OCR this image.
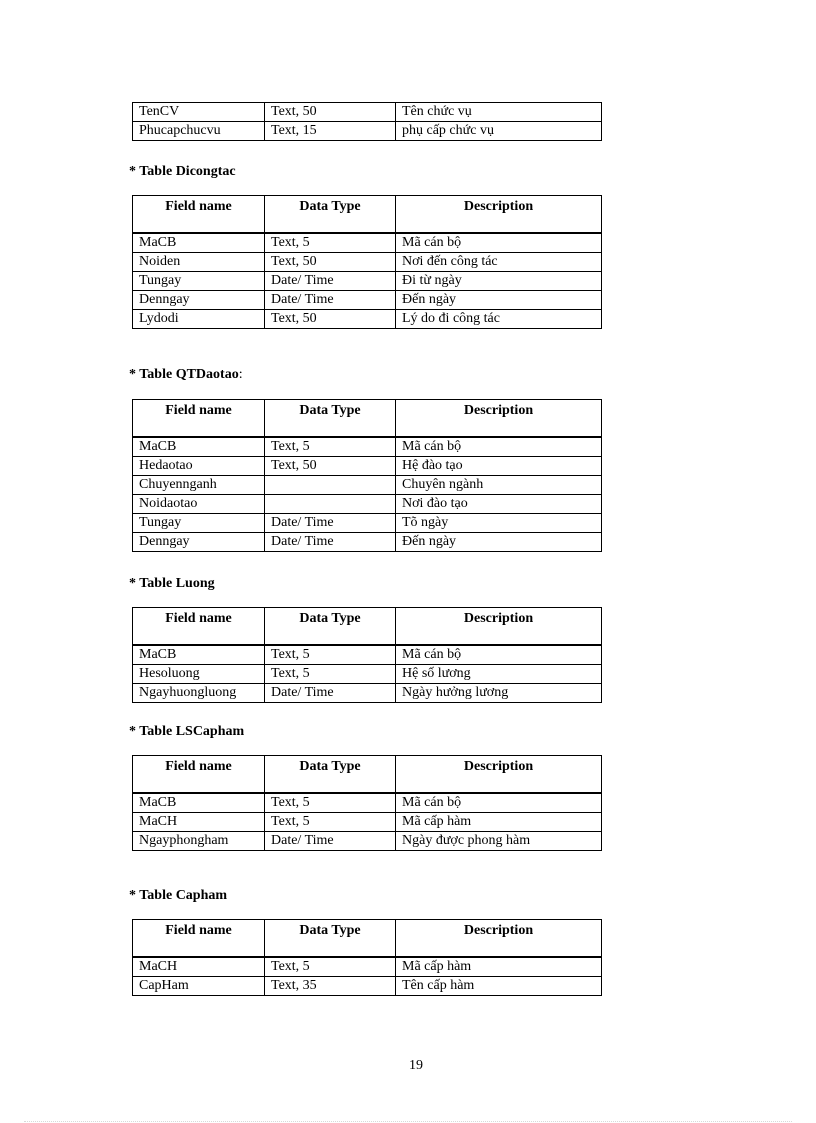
TenCV	Text, 50	Tên chức vụ
Phucapchucvu	Text, 15	phụ cấp chức vụ
* Table Dicongtac
Field name	Data Type	Description
MaCB	Text, 5	Mã cán bộ
Noiden	Text, 50	Nơi đến công tác
Tungay	Date/ Time	Đi từ ngày
Denngay	Date/ Time	Đến ngày
Lydodi	Text, 50	Lý do đi công tác
* Table QTDaotao:
Field name	Data Type	Description
MaCB	Text, 5	Mã cán bộ
Hedaotao	Text, 50	Hệ đào tạo
Chuyennganh		Chuyên ngành
Noidaotao		Nơi đào tạo
Tungay	Date/ Time	Tõ ngày
Denngay	Date/ Time	Đến ngày
* Table Luong
Field name	Data Type	Description
MaCB	Text, 5	Mã cán bộ
Hesoluong	Text, 5	Hệ số lương
Ngayhuongluong	Date/ Time	Ngày hưởng lương
* Table LSCapham
Field name	Data Type	Description
MaCB	Text, 5	Mã cán bộ
MaCH	Text, 5	Mã cấp hàm
Ngayphongham	Date/ Time	Ngày được phong hàm
* Table Capham
Field name	Data Type	Description
MaCH	Text, 5	Mã cấp hàm
CapHam	Text, 35	Tên cấp hàm
19
